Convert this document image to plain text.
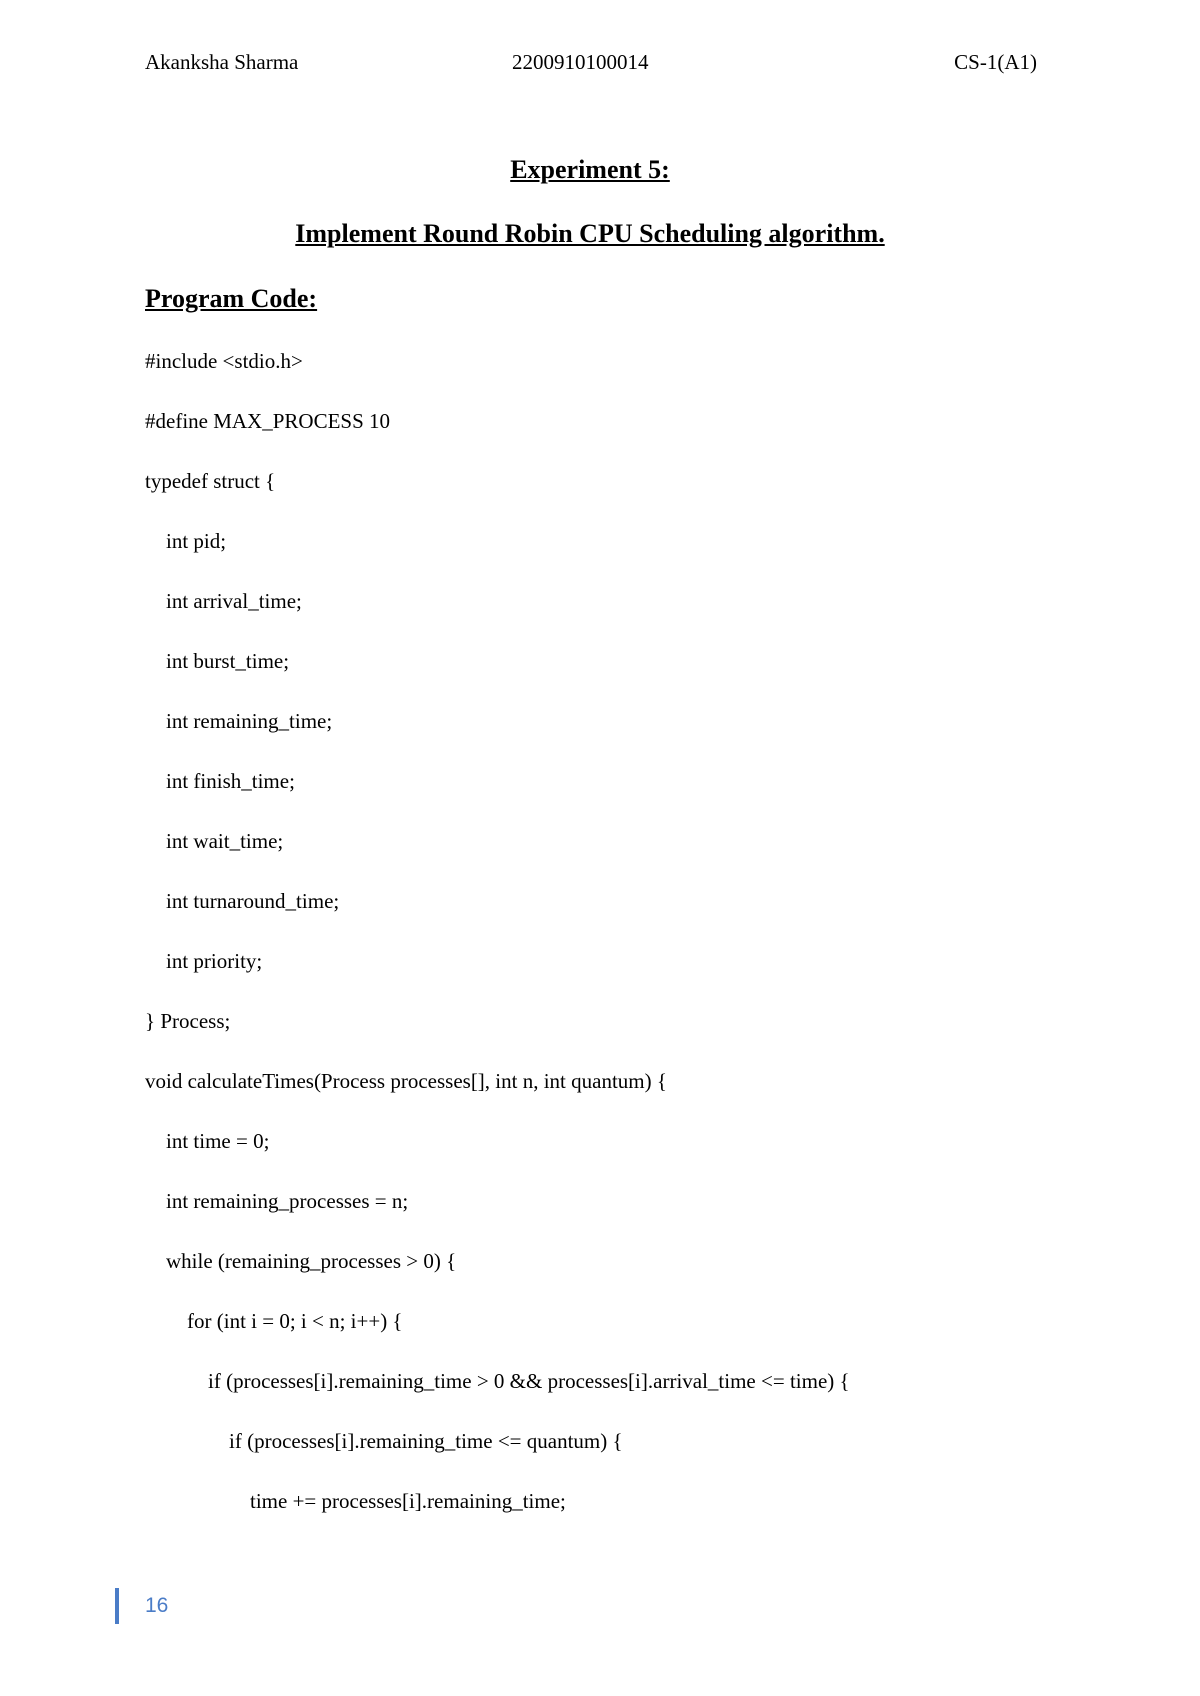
Akanksha Sharma	2200910100014	CS-1(A1)
Experiment 5:
Implement Round Robin CPU Scheduling algorithm.
Program Code:
#include <stdio.h>
#define MAX_PROCESS 10
typedef struct {
int pid;
int arrival_time;
int burst_time;
int remaining_time;
int finish_time;
int wait_time;
int turnaround_time;
int priority;
} Process;
void calculateTimes(Process processes[], int n, int quantum) {
int time = 0;
int remaining_processes = n;
while (remaining_processes > 0) {
for (int i = 0; i < n; i++) {
if (processes[i].remaining_time > 0 && processes[i].arrival_time <= time) {
if (processes[i].remaining_time <= quantum) {
time += processes[i].remaining_time;
16
